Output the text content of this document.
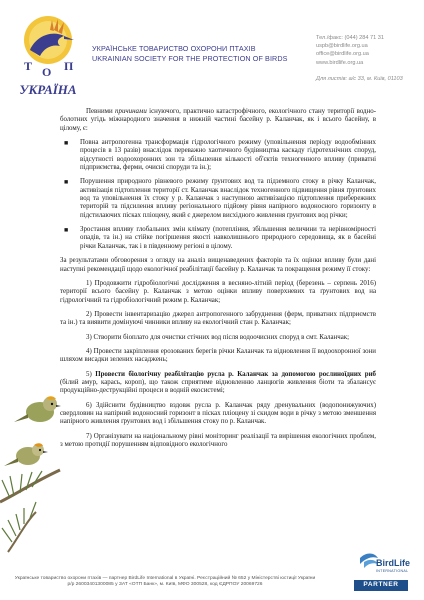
Т	П
О
УКРАЇНА
УКРАЇНСЬКЕ ТОВАРИСТВО ОХОРОНИ ПТАХІВ
UKRAINIAN SOCIETY FOR THE PROTECTION OF BIRDS
Тел./факс: (044) 284 71 31
uspb@birdlife.org.ua
office@birdlife.org.ua
www.birdlife.org.ua
Для листів: а/с 33, м. Київ, 01103

Певними причинами існуючого, практично катастрофічного, екологічного стану території водно-болотних угідь міжнародного значення в нижній частині басейну р. Каланчак, як і всього басейну, в цілому, є:

■ Повна антропогенна трансформація гідрологічного режиму (уповільнення періоду водообмінних процесів в 13 разів) внаслідок переважно хаотичного будівництва каскаду гідротехнічних споруд, відсутності водоохоронних зон та збільшення кількості об'єктів техногенного впливу (приватні підприємства, ферми, очисні споруди та ін.);
■ Порушення природного рівневого режиму ґрунтових вод та підземного стоку в річку Каланчак, активізація підтоплення території ст. Каланчак внаслідок техногенного підвищення рівня ґрунтових вод та уповільнення їх стоку у р. Каланчак з наступною активізацією підтоплення прибережних територій та підсилення впливу регіонального підйому рівня напірного водоносного горизонту в підстилаючих пісках пліоцену, який є джерелом висхідного живлення ґрунтових вод річки;
■ Зростання впливу глобальних змін клімату (потепління, збільшення величини та нерівномірності опадів, та ін.) на стійке погіршення якості навколишнього природного середовища, як в басейні річки Каланчак, так і в південному регіоні в цілому.

За результатами обговорення з огляду на аналіз вищенаведених факторів та їх оцінки впливу були дані наступні рекомендації щодо екологічної реабілітації басейну р. Каланчак та покращення режиму її стоку:

1) Продовжити гідробіологічні дослідження в весняно-літній період (березень – серпень 2016) території всього басейну р. Каланчак з метою оцінки впливу поверхневих та ґрунтових вод на гідрологічний та гідробіологічний режим р. Каланчак;

2) Провести інвентаризацію джерел антропогенного забруднення (ферм, приватних підприємств та ін.) та виявити домінуючі чинники впливу на екологічний стан р. Каланчак;

3) Створити біоплато для очистки стічних вод після водоочисних споруд в смт. Каланчак;

4) Провести закріплення ерозованих берегів річки Каланчак та відновлення її водоохоронної зони шляхом висадки зелених насаджень;

5) Провести біологічну реабілітацію русла р. Каланчак за допомогою рослиноїдних риб (білий амур, карась, короп), що також сприятиме відновленню ланцюгів живлення біоти та збалансує продукційно-деструкційні процеси в водній екосистемі;

6) Здійснити будівництво вздовж русла р. Каланчак ряду дренувальних (водопонижуючих) свердловин на напірний водоносний горизонт в пісках пліоцену зі скидом води в річку з метою зменшення напірного живлення ґрунтових вод і збільшення стоку по р. Каланчак.

7) Організувати на національному рівні моніторинг реалізації та вирішення екологічних проблем, з метою протидії порушенням відповідного екологічного

Українське товариство охорони птахів — партнер BirdLife International в Україні. Реєстраційний № 652 у Міністерстві юстиції України
р/р 26003401300085 у ЗАТ «ОТП Банк», м. Київ, МФО 300528, код ЄДРПОУ 20069726
BirdLife
INTERNATIONAL
PARTNER
